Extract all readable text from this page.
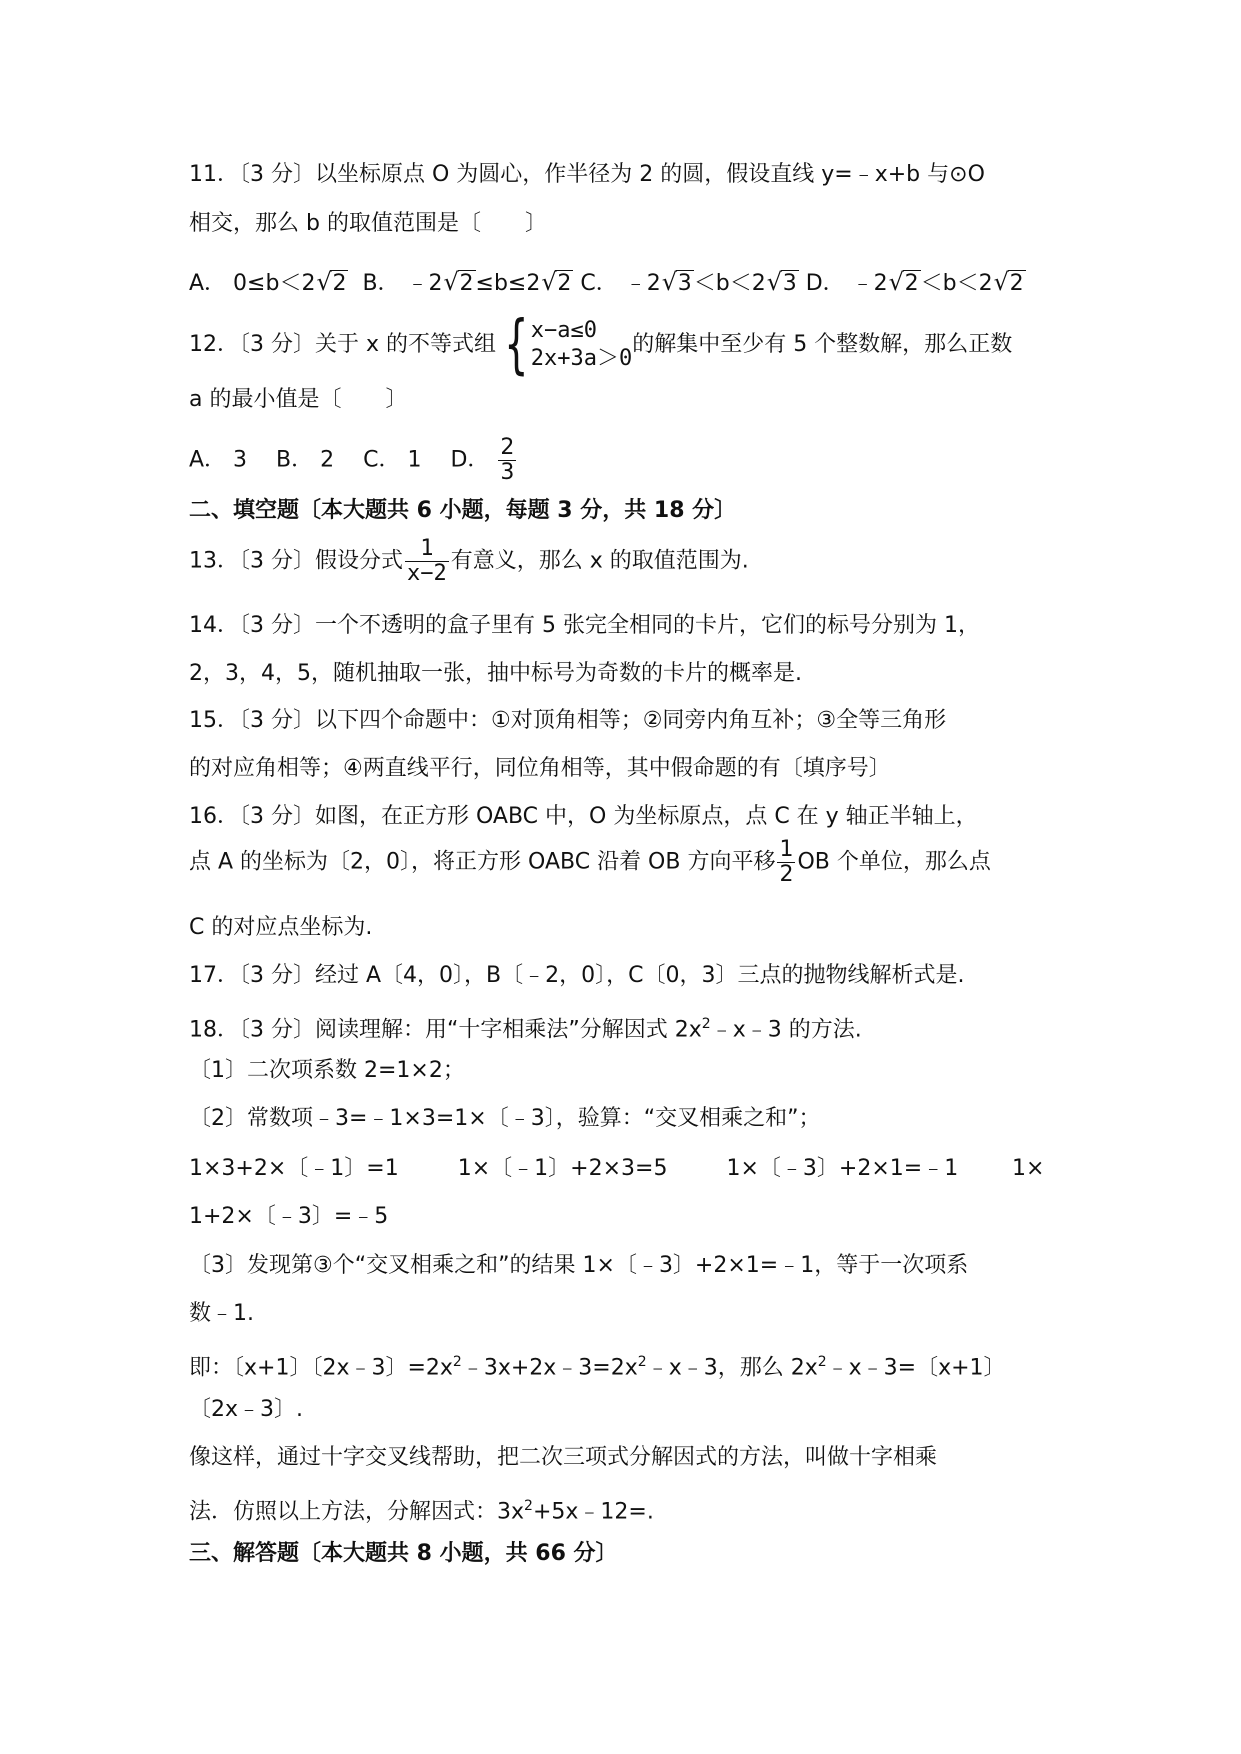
11．〔3 分〕以坐标原点 O 为圆心，作半径为 2 的圆，假设直线 y=﹣x+b 与⊙O
相交，那么 b 的取值范围是〔　　〕
A． 0≤b＜2 √ 2 B． ﹣2 √ 2≤b≤2 √ 2 C． ﹣2 √ 3＜b＜2 √ 3 D． ﹣2 √ 2＜b＜2 √ 2
12．〔3 分〕关于 x 的不等式组 { x−a≤0
2x+3a＞0
的解集中至少有 5 个整数解，那么正数
a 的最小值是〔　　〕
A． 3　 B． 2　 C． 1　 D． $\frac{2}{3}$
二、填空题〔本大题共 6 小题，每题 3 分，共 18 分〕
13．〔3 分〕假设分式 $\frac{1}{x-2}$ 有意义，那么 x 的取值范围为.
14．〔3 分〕一个不透明的盒子里有 5 张完全相同的卡片，它们的标号分别为 1，
2，3，4，5，随机抽取一张，抽中标号为奇数的卡片的概率是.
15．〔3 分〕以下四个命题中：①对顶角相等；②同旁内角互补；③全等三角形
的对应角相等；④两直线平行，同位角相等，其中假命题的有〔填序号〕
16．〔3 分〕如图，在正方形 OABC 中，O 为坐标原点，点 C 在 y 轴正半轴上，
点 A 的坐标为〔2，0〕，将正方形 OABC 沿着 OB 方向平移 $\frac{1}{2}$ OB 个单位，那么点
C 的对应点坐标为.
17．〔3 分〕经过 A〔4，0〕，B〔﹣2，0〕，C〔0，3〕三点的抛物线解析式是.
18．〔3 分〕阅读理解：用“十字相乘法”分解因式 $2x^2﹣x﹣3$ 的方法.
〔1〕二次项系数 2=1×2；
〔2〕常数项﹣3=﹣1×3=1×〔﹣3〕，验算：“交叉相乘之和”；
1×3+2×〔﹣1〕=1	1×〔﹣1〕+2×3=5	1×〔﹣3〕+2×1=﹣1 1×
1+2×〔﹣3〕=﹣5
〔3〕发现第③个“交叉相乘之和”的结果 1×〔﹣3〕+2×1=﹣1，等于一次项系
数﹣1.
即：〔x+1〕〔2x﹣3〕$=2x^2﹣3x+2x﹣3=2x^2﹣x﹣3$，那么 $2x^2﹣x﹣3=$〔x+1〕
〔2x﹣3〕.
像这样，通过十字交叉线帮助，把二次三项式分解因式的方法，叫做十字相乘
法．仿照以上方法，分解因式：$3x^2+5x﹣12=$.
三、解答题〔本大题共 8 小题，共 66 分〕
